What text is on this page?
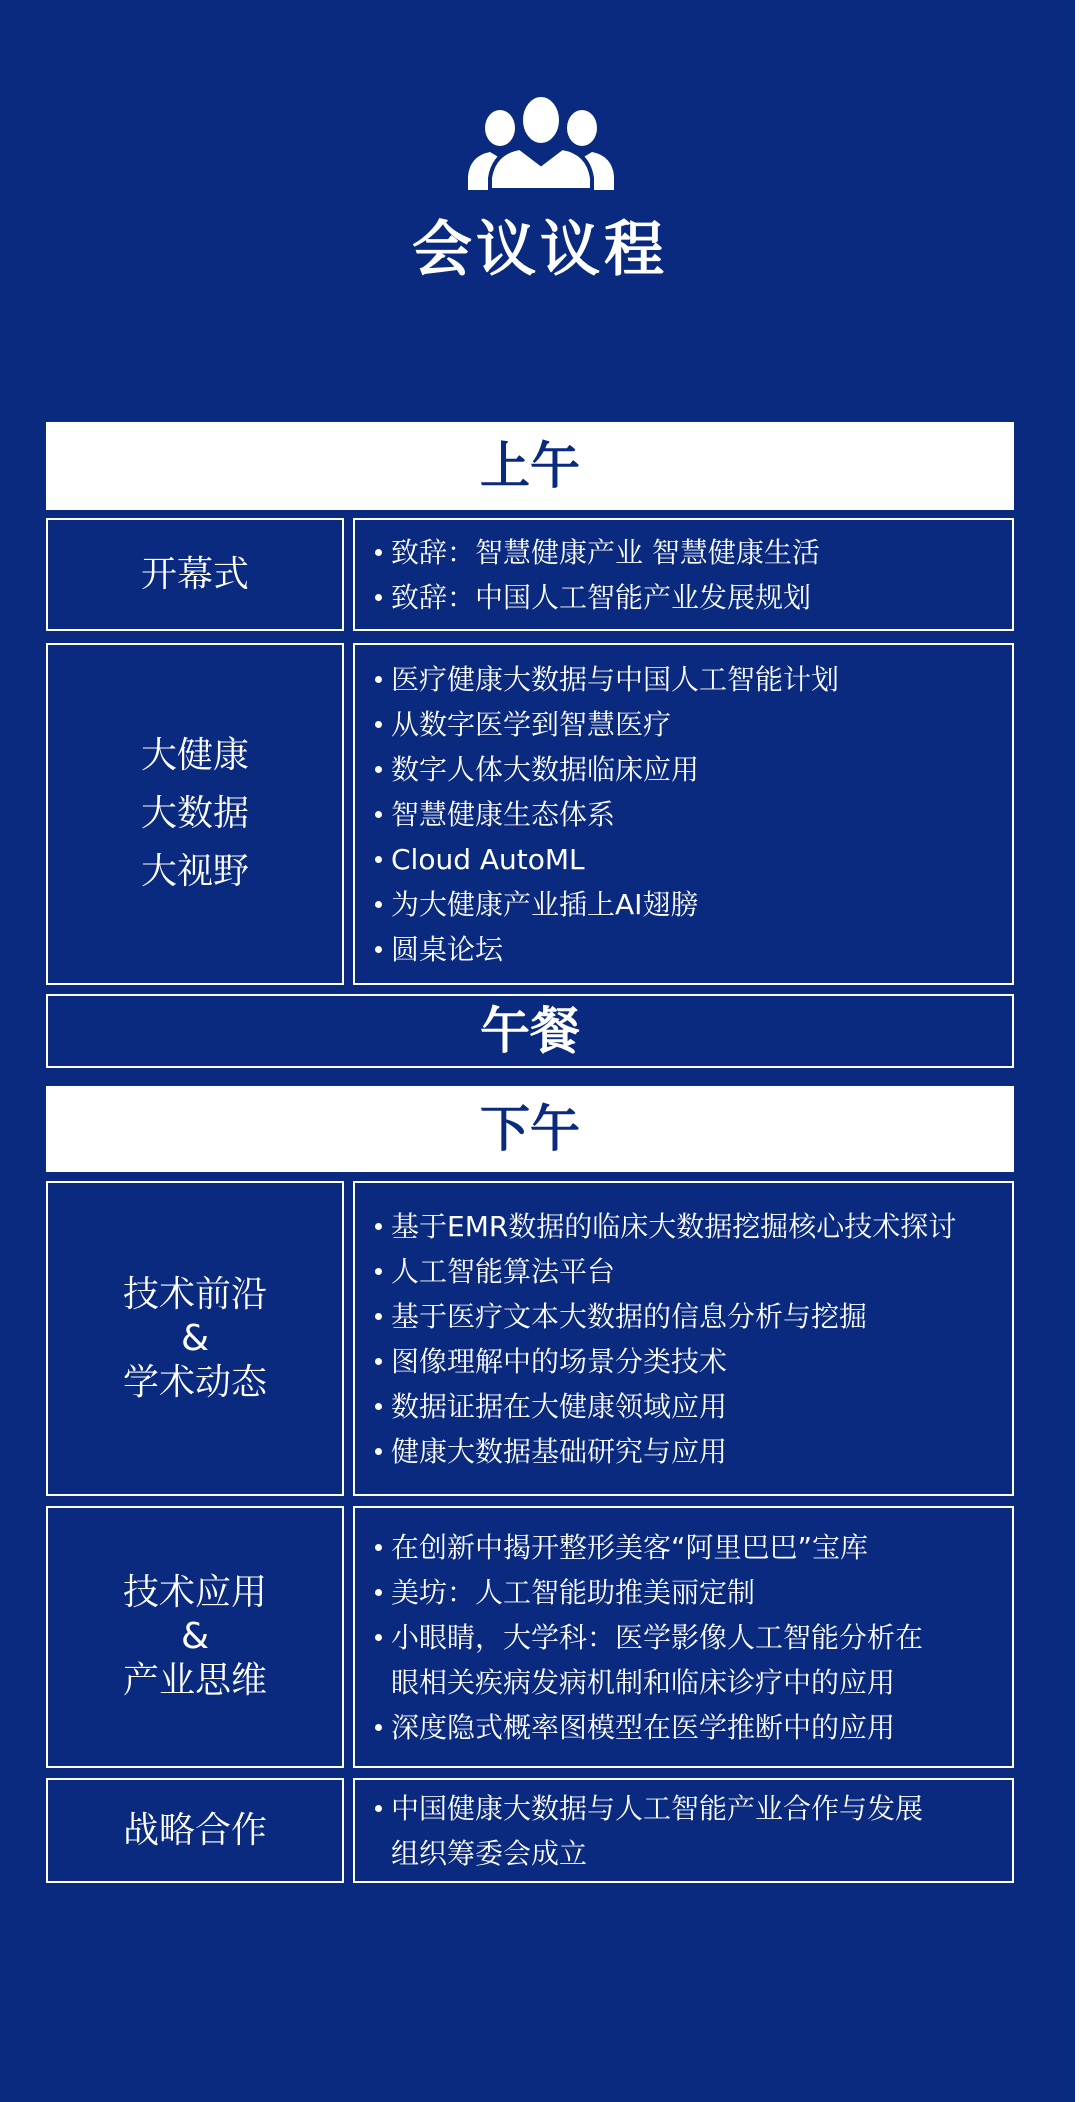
会议议程
上午
开幕式
致辞：智慧健康产业 智慧健康生活
致辞：中国人工智能产业发展规划
大健康
大数据
大视野
医疗健康大数据与中国人工智能计划
从数字医学到智慧医疗
数字人体大数据临床应用
智慧健康生态体系
Cloud AutoML
为大健康产业插上AI翅膀
圆桌论坛
午餐
下午
技术前沿
&
学术动态
基于EMR数据的临床大数据挖掘核心技术探讨
人工智能算法平台
基于医疗文本大数据的信息分析与挖掘
图像理解中的场景分类技术
数据证据在大健康领域应用
健康大数据基础研究与应用
技术应用
&
产业思维
在创新中揭开整形美客“阿里巴巴”宝库
美坊：人工智能助推美丽定制
小眼睛，大学科：医学影像人工智能分析在
眼相关疾病发病机制和临床诊疗中的应用
深度隐式概率图模型在医学推断中的应用
战略合作
中国健康大数据与人工智能产业合作与发展
组织筹委会成立
